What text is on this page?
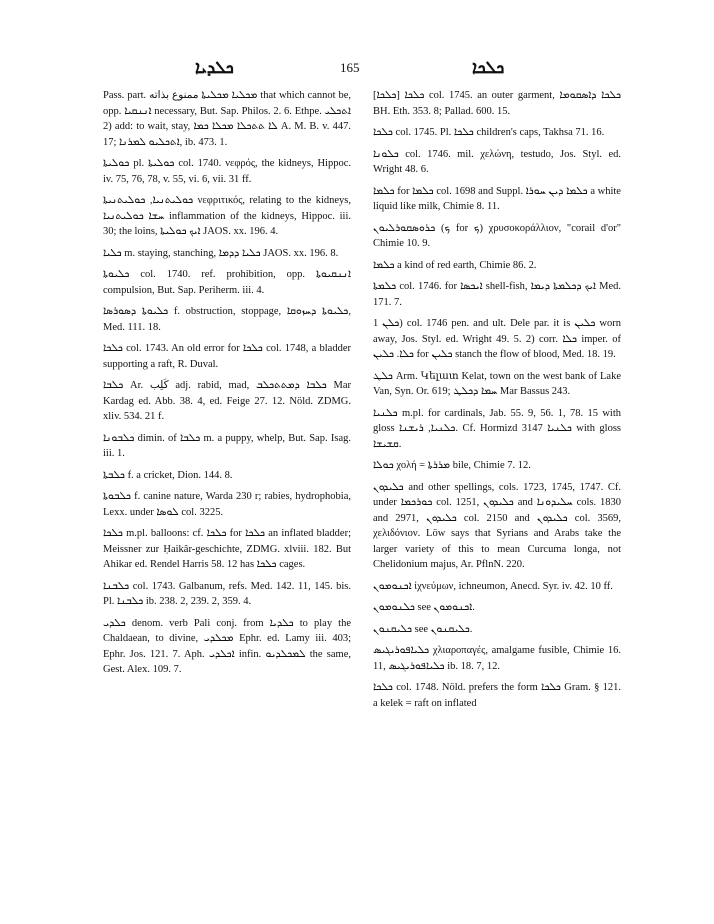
ܟܠܕܝܐ	165	ܟܠܟܐ

Pass. part. ܡܟܠܝܐ ܡܟܠܝܬܐ ممنوع بذاته that which cannot be, opp. ܐܢܢܩܝܐ necessary, But. Sap. Philos. 2. 6. Ethpe. ܐܬܟܠܝ 2) add: to wait, stay, ܠܐ ܬܬܟܠܐ ܡܟܠܐ ܟܡܐ A. M. B. v. 447. 17; ܐܬܟܠܝܘ ܠܡܪܢܐ, ib. 473. 1.

ܟܘܠܝܬܐ pl. ܟܘܠܝܬܐ col. 1740. νεφρός, the kidneys, Hippoc. iv. 75, 76, 78, v. 55, vi. 6, vii. 31 ff.

ܟܘܠܝܬܢܝܐ, ܟܘܠܝܬܢܝܬܐ νεφριτικός, relating to the kidneys, ܚܫܐ ܟܘܠܝܬܢܝܐ inflammation of the kidneys, Hippoc. iii. 30; the loins, ܐܝܟ ܟܘܠܝܬܐ JAOS. xx. 196. 4.

ܟܠܝܐ m. staying, stanching, ܟܠܝܐ ܕܕܡܐ JAOS. xx. 196. 8.

ܟܠܝܘܬܐ col. 1740. ref. prohibition, opp. ܐܢܢܩܝܘܬܐ compulsion, But. Sap. Periherm. iii. 4.

ܟܠܝܘܬܐ ܕܣܘܪܣܐ f. obstruction, stoppage, ܟܠܝܘܬܐ ܕܚܙܘܩܐ, Med. 111. 18.

ܟܠܟܐ col. 1743. An old error for ܟܠܟܐ col. 1748, a bladder supporting a raft, R. Duval.

ܟܠܒܐ Ar. كَلِب adj. rabid, mad, ܟܠܒܐ ܕܡܬܬܟܠܒ Mar Kardag ed. Abb. 38. 4, ed. Feige 27. 12. Nöld. ZDMG. xliv. 534. 21 f.

ܟܠܒܘܢܐ dimin. of ܟܠܒܐ m. a puppy, whelp, But. Sap. Isag. iii. 1.

ܟܠܒܬܐ f. a cricket, Dion. 144. 8.

ܟܠܒܘܬܐ f. canine nature, Warda 230 r; rabies, hydrophobia, Lexx. under ܠܘܣܐ col. 3225.

ܟܠܟܐ m.pl. balloons: cf. ܟܠܟܐ for ܟܠܟܐ an inflated bladder; Meissner zur Ḥaikâr-geschichte, ZDMG. xlviii. 182. But Ahikar ed. Rendel Harris 58. 12 has ܟܠܟܐ cages.

ܟܠܒܢܐ col. 1743. Galbanum, refs. Med. 142. 11, 145. bis. Pl. ܟܠܒܢܐ ib. 238. 2, 239. 2, 359. 4.

ܟܠܕܝ denom. verb Pali conj. from ܟܠܕܝܐ to play the Chaldaean, to divine, ܡܟܠܕܝ Ephr. ed. Lamy iii. 403; Ephr. Jos. 121. 7. Aph. ܐܟܠܕܝ infin. ܠܡܟܠܕܝܘ the same, Gest. Alex. 109. 7.

ܟܠܟܐ [ܟܠܟܐ] col. 1745. an outer garment, ܟܠܟܐ ܕܐܣܩܘܡܐ BH. Eth. 353. 8; Pallad. 600. 15.

ܟܠܟܐ col. 1745. Pl. ܟܠܟܐ children's caps, Takhsa 71. 16.

ܟܠܘܢܐ col. 1746. mil. χελώνη, testudo, Jos. Styl. ed. Wright 48. 6.

ܟܠܡܐ for ܟܠܡܐ col. 1698 and Suppl. ܟܠܡܐ ܕܝܢ ܚܘܪܐ a white liquid like milk, Chimie 8. 11.

ܟܪܘܣܩܘܪܠܝܘܢ (ܟ for ܟ) χρυσοκοράλλιον, "corail d'or" Chimie 10. 9.

ܟܠܡܐ a kind of red earth, Chimie 86. 2.

ܟܠܡܬܐ col. 1746. for ܐܝܟܣܐ shell-fish, ܐܝܟ ܕܟܠܡܬܐ ܕܝܡܐ Med. 171. 7.

ܟܠܢ 1) col. 1746 pen. and ult. Dele par. it is ܟܠܝܢ worn away, Jos. Styl. ed. Wright 49. 5. 2) corr. ܟܠܐ imper. of ܟܠܐ. ܟܠܝܢ for ܟܠܝܢ stanch the flow of blood, Med. 18. 19.

ܟܠܛ Arm. Կելատ Kelat, town on the west bank of Lake Van, Syn. Or. 619; ܚܡܐ ܕܟܠܛ Mar Bassus 243.

ܟܠܢܝܐ m.pl. for cardinals, Jab. 55. 9, 56. 1, 78. 15 with gloss ܟܠܢܝܐ, ܪܝܫܢܐ. Cf. Hormizd 3147 ܟܠܢܝܐ with gloss ܩܫܝܫܐ.

ܟܘܠܐ χολή = ܡܪܪܬܐ bile, Chimie 7. 12.

ܟܠܝܕܘܢ and other spellings, cols. 1723, 1745, 1747. Cf. under ܟܘܪܟܡܐ col. 1251, ܟܠܝܕܘܢ and ܚܠܝܕܘܢܐ cols. 1830 and 2971, ܟܠܝܕܘܢ col. 2150 and ܟܠܝܕܘܢ col. 3569, χελιδόνιον. Löw says that Syrians and Arabs take the larger variety of this to mean Curcuma longa, not Chelidonium majus, Ar. PflnN. 220.

ܐܟܢܘܡܘܢ ἰχνεύμων, ichneumon, Anecd. Syr. iv. 42. 10 ff.

ܟܠܢܘܡܘܢ see ܐܟܢܘܡܘܢ.

ܟܠܝܩܢܘܢ see ܟܠܝܩܢܘܢ.

ܟܠܝܐܦܘܪܝܓܝܣ χλιαροπαγές, amalgame fusible, Chimie 16. 11, ܟܠܝܐܦܘܪܝܓܝܣ ib. 18. 7, 12.

ܟܠܟܐ col. 1748. Nöld. prefers the form ܟܠܟܐ Gram. § 121. a kelek = raft on inflated
